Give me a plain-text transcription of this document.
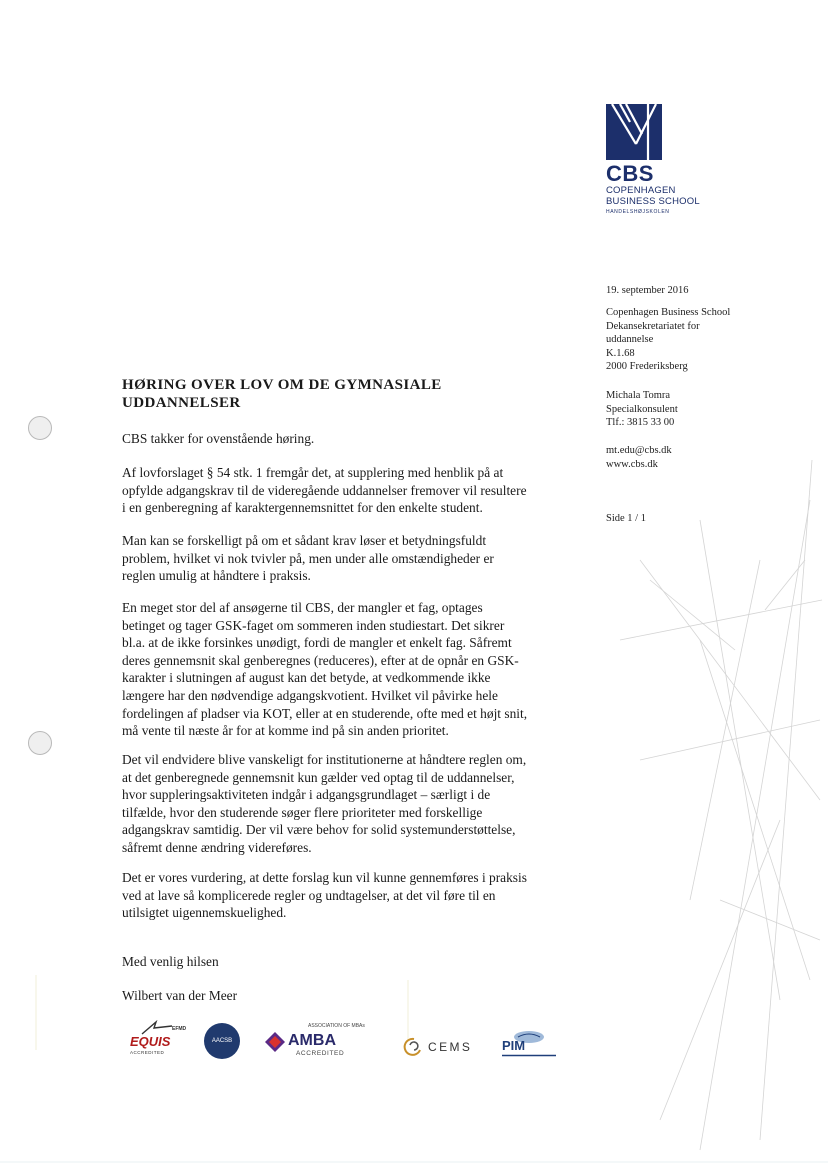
CBS
COPENHAGEN
BUSINESS SCHOOL
HANDELSHØJSKOLEN
19. september 2016
Copenhagen Business School
Dekansekretariatet for
uddannelse
K.1.68
2000 Frederiksberg
Michala Tomra
Specialkonsulent
Tlf.: 3815 33 00
mt.edu@cbs.dk
www.cbs.dk
Side 1 / 1
HØRING OVER LOV OM DE GYMNASIALE
UDDANNELSER
CBS takker for ovenstående høring.
Af lovforslaget § 54 stk. 1 fremgår det, at supplering med henblik på at
opfylde adgangskrav til de videregående uddannelser fremover vil resultere
i en genberegning af karaktergennemsnittet for den enkelte student.
Man kan se forskelligt på om et sådant krav løser et betydningsfuldt
problem, hvilket vi nok tvivler på, men under alle omstændigheder er
reglen umulig at håndtere i praksis.
En meget stor del af ansøgerne til CBS, der mangler et fag, optages
betinget og tager GSK-faget om sommeren inden studiestart. Det sikrer
bl.a. at de ikke forsinkes unødigt, fordi de mangler et enkelt fag. Såfremt
deres gennemsnit skal genberegnes (reduceres), efter at de opnår en GSK-
karakter i slutningen af august kan det betyde, at vedkommende ikke
længere har den nødvendige adgangskvotient. Hvilket vil påvirke hele
fordelingen af pladser via KOT, eller at en studerende, ofte med et højt snit,
må vente til næste år for at komme ind på sin anden prioritet.
Det vil endvidere blive vanskeligt for institutionerne at håndtere reglen om,
at det genberegnede gennemsnit kun gælder ved optag til de uddannelser,
hvor suppleringsaktiviteten indgår i adgangsgrundlaget – særligt i de
tilfælde, hvor den studerende søger flere prioriteter med forskellige
adgangskrav samtidig. Der vil være behov for solid systemunderstøttelse,
såfremt denne ændring videreføres.
Det er vores vurdering, at dette forslag kun vil kunne gennemføres i praksis
ved at lave så komplicerede regler og undtagelser, at det vil føre til en
utilsigtet uigennemskuelighed.
Med venlig hilsen
Wilbert van der Meer
EFMD
EQUIS
ACCREDITED
AACSB
ASSOCIATION OF MBAs
AMBA
ACCREDITED	CEMS PIM
